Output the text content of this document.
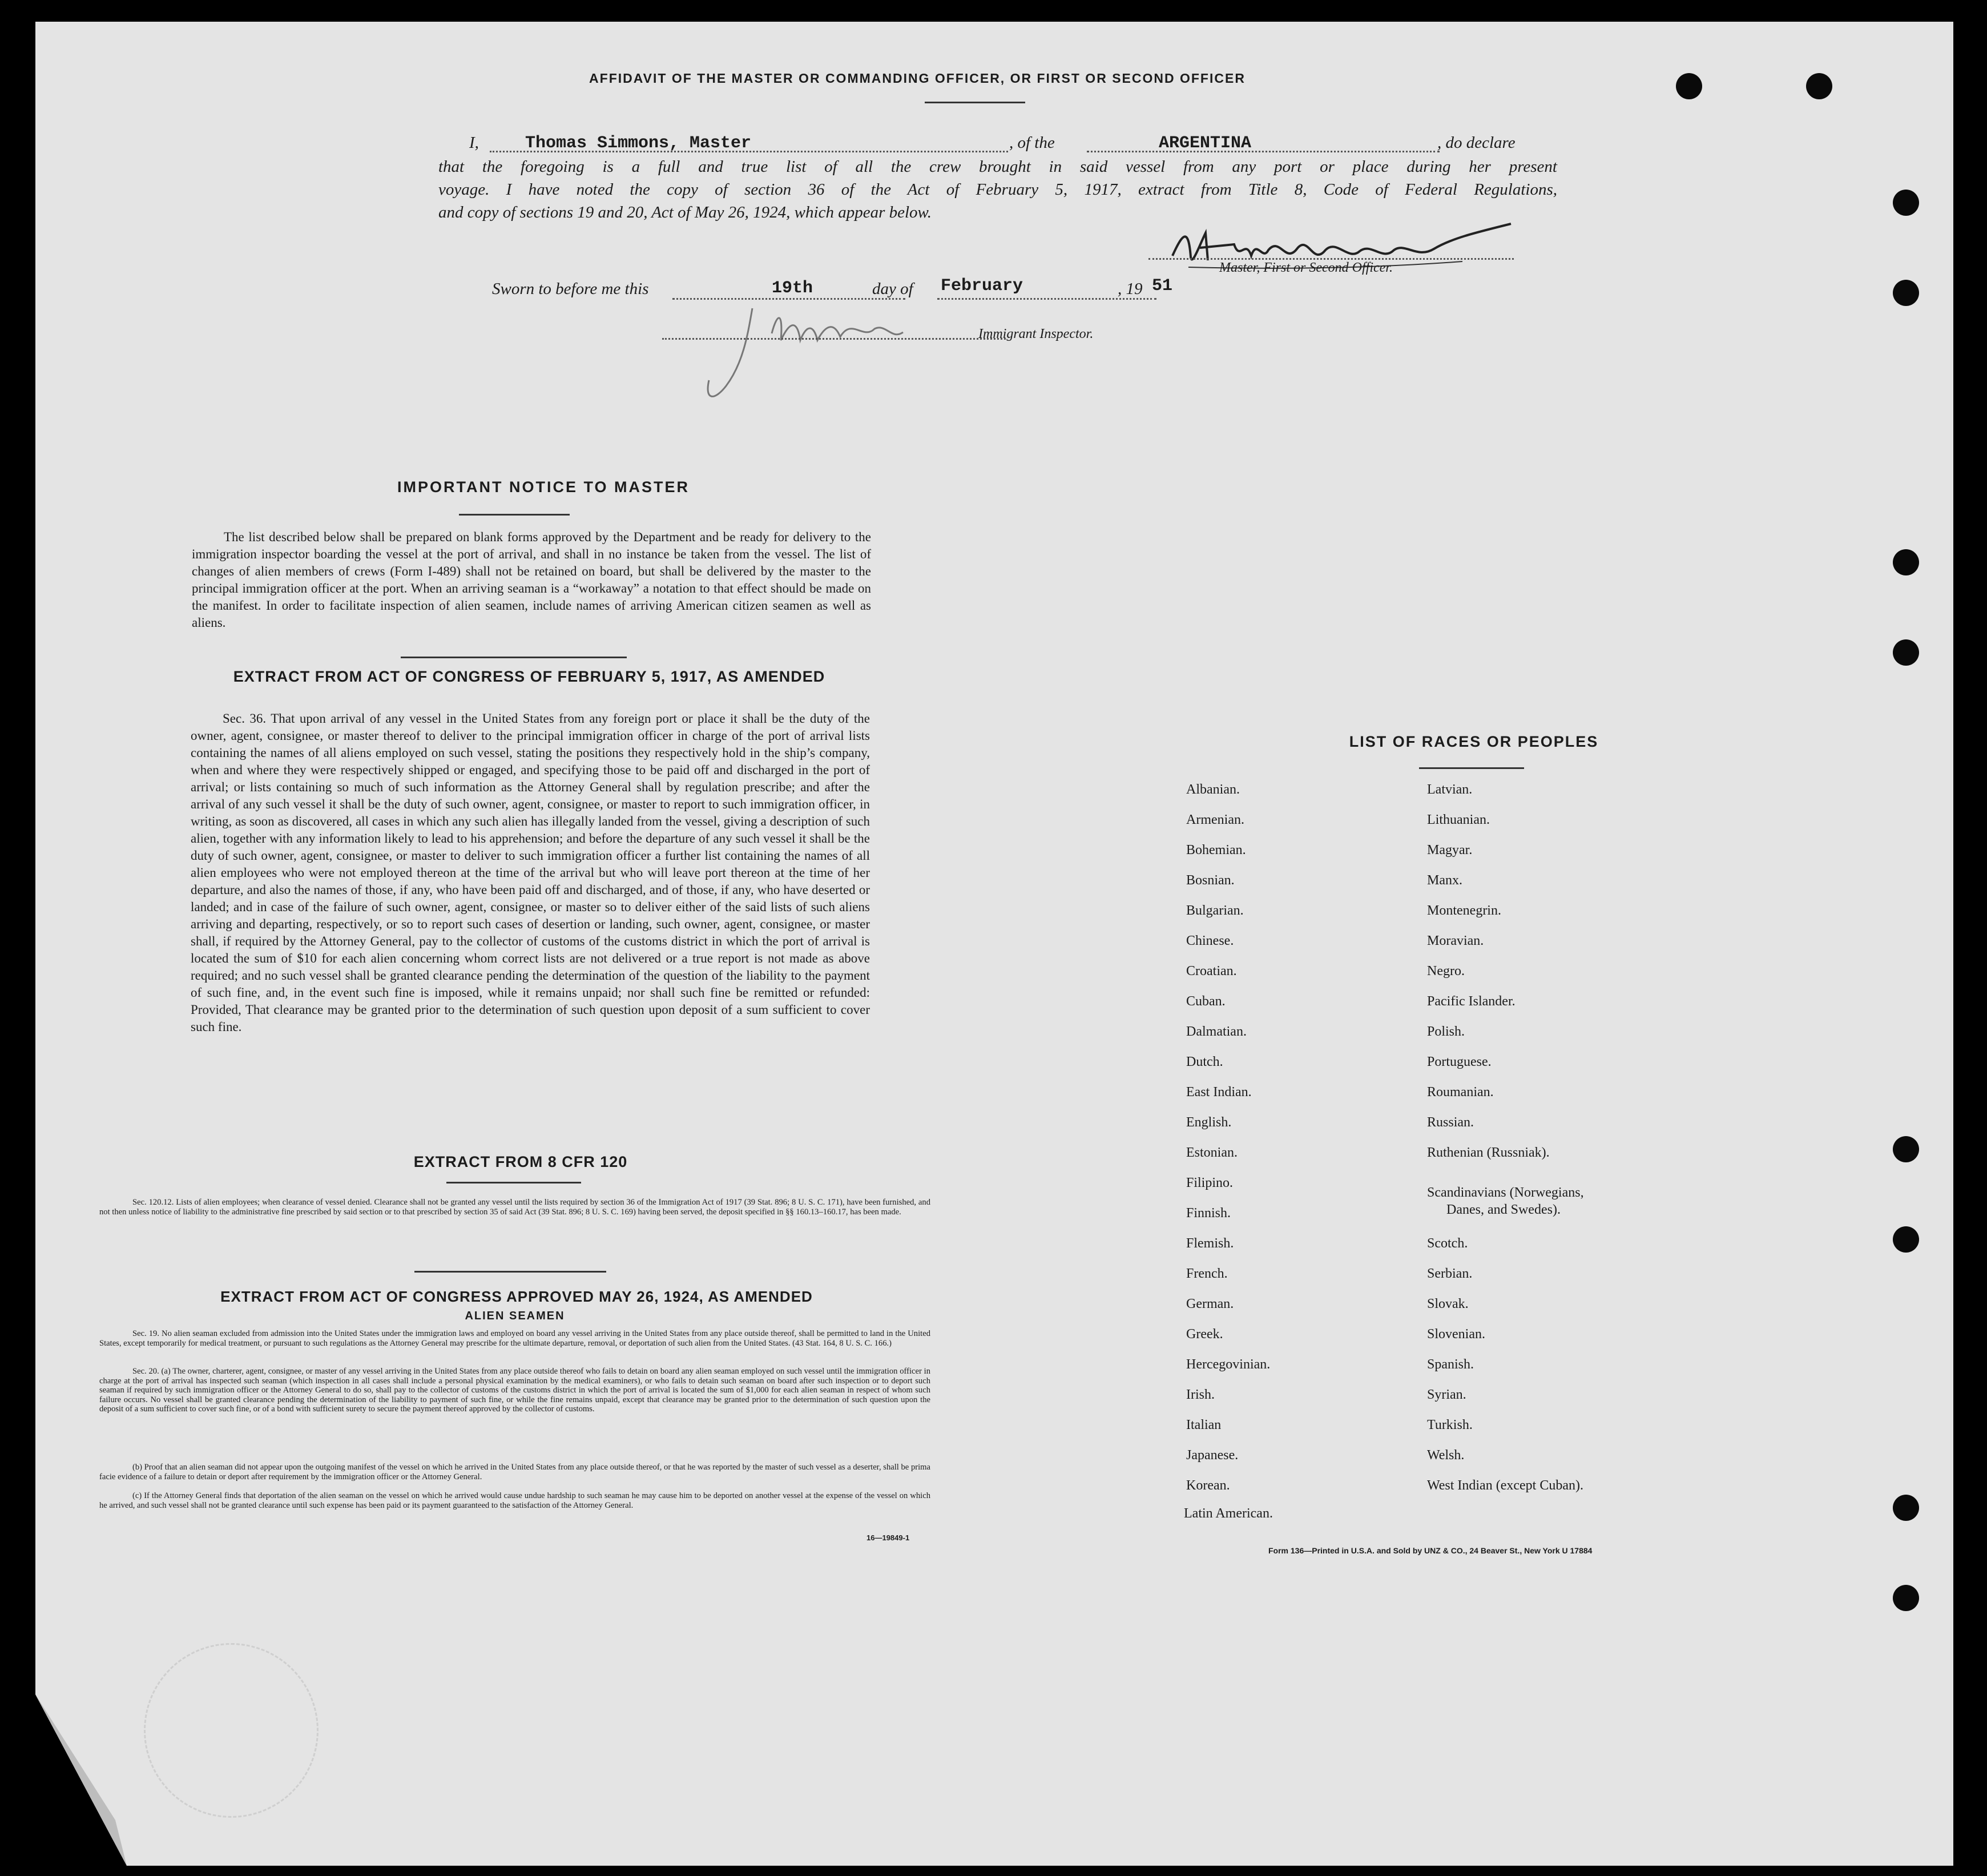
AFFIDAVIT OF THE MASTER OR COMMANDING OFFICER, OR FIRST OR SECOND OFFICER
I,	Thomas Simmons, Master	, of the	ARGENTINA	, do declare
that the foregoing is a full and true list of all the crew brought in said vessel from any port or place during her present
voyage. I have noted the copy of section 36 of the Act of February 5, 1917, extract from Title 8, Code of Federal Regulations,
and copy of sections 19 and 20, Act of May 26, 1924, which appear below.
Master, First or Second Officer.
Sworn to before me this	19th	day of February	, 19 51
Immigrant Inspector.
IMPORTANT NOTICE TO MASTER
The list described below shall be prepared on blank forms approved by the Department and be ready for delivery to the immigration inspector boarding the vessel at the port of arrival, and shall in no instance be taken from the vessel. The list of changes of alien members of crews (Form I-489) shall not be retained on board, but shall be delivered by the master to the principal immigration officer at the port. When an arriving seaman is a “workaway” a notation to that effect should be made on the manifest. In order to facilitate inspection of alien seamen, include names of arriving American citizen seamen as well as aliens.
EXTRACT FROM ACT OF CONGRESS OF FEBRUARY 5, 1917, AS AMENDED
Sec. 36. That upon arrival of any vessel in the United States from any foreign port or place it shall be the duty of the owner, agent, consignee, or master thereof to deliver to the principal immigration officer in charge of the port of arrival lists containing the names of all aliens employed on such vessel, stating the positions they respectively hold in the ship’s company, when and where they were respectively shipped or engaged, and specifying those to be paid off and discharged in the port of arrival; or lists containing so much of such information as the Attorney General shall by regulation prescribe; and after the arrival of any such vessel it shall be the duty of such owner, agent, consignee, or master to report to such immigration officer, in writing, as soon as discovered, all cases in which any such alien has illegally landed from the vessel, giving a description of such alien, together with any information likely to lead to his apprehension; and before the departure of any such vessel it shall be the duty of such owner, agent, consignee, or master to deliver to such immigration officer a further list containing the names of all alien employees who were not employed thereon at the time of the arrival but who will leave port thereon at the time of her departure, and also the names of those, if any, who have been paid off and discharged, and of those, if any, who have deserted or landed; and in case of the failure of such owner, agent, consignee, or master so to deliver either of the said lists of such aliens arriving and departing, respectively, or so to report such cases of desertion or landing, such owner, agent, consignee, or master shall, if required by the Attorney General, pay to the collector of customs of the customs district in which the port of arrival is located the sum of $10 for each alien concerning whom correct lists are not delivered or a true report is not made as above required; and no such vessel shall be granted clearance pending the determination of the question of the liability to the payment of such fine, and, in the event such fine is imposed, while it remains unpaid; nor shall such fine be remitted or refunded: Provided, That clearance may be granted prior to the determination of such question upon deposit of a sum sufficient to cover such fine.
EXTRACT FROM 8 CFR 120
Sec. 120.12. Lists of alien employees; when clearance of vessel denied. Clearance shall not be granted any vessel until the lists required by section 36 of the Immigration Act of 1917 (39 Stat. 896; 8 U. S. C. 171), have been furnished, and not then unless notice of liability to the administrative fine prescribed by said section or to that prescribed by section 35 of said Act (39 Stat. 896; 8 U. S. C. 169) having been served, the deposit specified in §§ 160.13–160.17, has been made.
EXTRACT FROM ACT OF CONGRESS APPROVED MAY 26, 1924, AS AMENDED
ALIEN SEAMEN
Sec. 19. No alien seaman excluded from admission into the United States under the immigration laws and employed on board any vessel arriving in the United States from any place outside thereof, shall be permitted to land in the United States, except temporarily for medical treatment, or pursuant to such regulations as the Attorney General may prescribe for the ultimate departure, removal, or deportation of such alien from the United States. (43 Stat. 164, 8 U. S. C. 166.)
Sec. 20. (a) The owner, charterer, agent, consignee, or master of any vessel arriving in the United States from any place outside thereof who fails to detain on board any alien seaman employed on such vessel until the immigration officer in charge at the port of arrival has inspected such seaman (which inspection in all cases shall include a personal physical examination by the medical examiners), or who fails to detain such seaman on board after such inspection or to deport such seaman if required by such immigration officer or the Attorney General to do so, shall pay to the collector of customs of the customs district in which the port of arrival is located the sum of $1,000 for each alien seaman in respect of whom such failure occurs. No vessel shall be granted clearance pending the determination of the liability to payment of such fine, or while the fine remains unpaid, except that clearance may be granted prior to the determination of such question upon the deposit of a sum sufficient to cover such fine, or of a bond with sufficient surety to secure the payment thereof approved by the collector of customs.
(b) Proof that an alien seaman did not appear upon the outgoing manifest of the vessel on which he arrived in the United States from any place outside thereof, or that he was reported by the master of such vessel as a deserter, shall be prima facie evidence of a failure to detain or deport after requirement by the immigration officer or the Attorney General.
(c) If the Attorney General finds that deportation of the alien seaman on the vessel on which he arrived would cause undue hardship to such seaman he may cause him to be deported on another vessel at the expense of the vessel on which he arrived, and such vessel shall not be granted clearance until such expense has been paid or its payment guaranteed to the satisfaction of the Attorney General.
16—19849-1
LIST OF RACES OR PEOPLES
Albanian.
Armenian.
Bohemian.
Bosnian.
Bulgarian.
Chinese.
Croatian.
Cuban.
Dalmatian.
Dutch.
East Indian.
English.
Estonian.
Filipino.
Finnish.
Flemish.
French.
German.
Greek.
Hercegovinian.
Irish.
Italian
Japanese.
Korean.
Latin American.
Latvian.
Lithuanian.
Magyar.
Manx.
Montenegrin.
Moravian.
Negro.
Pacific Islander.
Polish.
Portuguese.
Roumanian.
Russian.
Ruthenian (Russniak).
Scandinavians (Norwegians,
Danes, and Swedes).
Scotch.
Serbian.
Slovak.
Slovenian.
Spanish.
Syrian.
Turkish.
Welsh.
West Indian (except Cuban).
Form 136—Printed in U.S.A. and Sold by UNZ & CO., 24 Beaver St., New York U 17884
